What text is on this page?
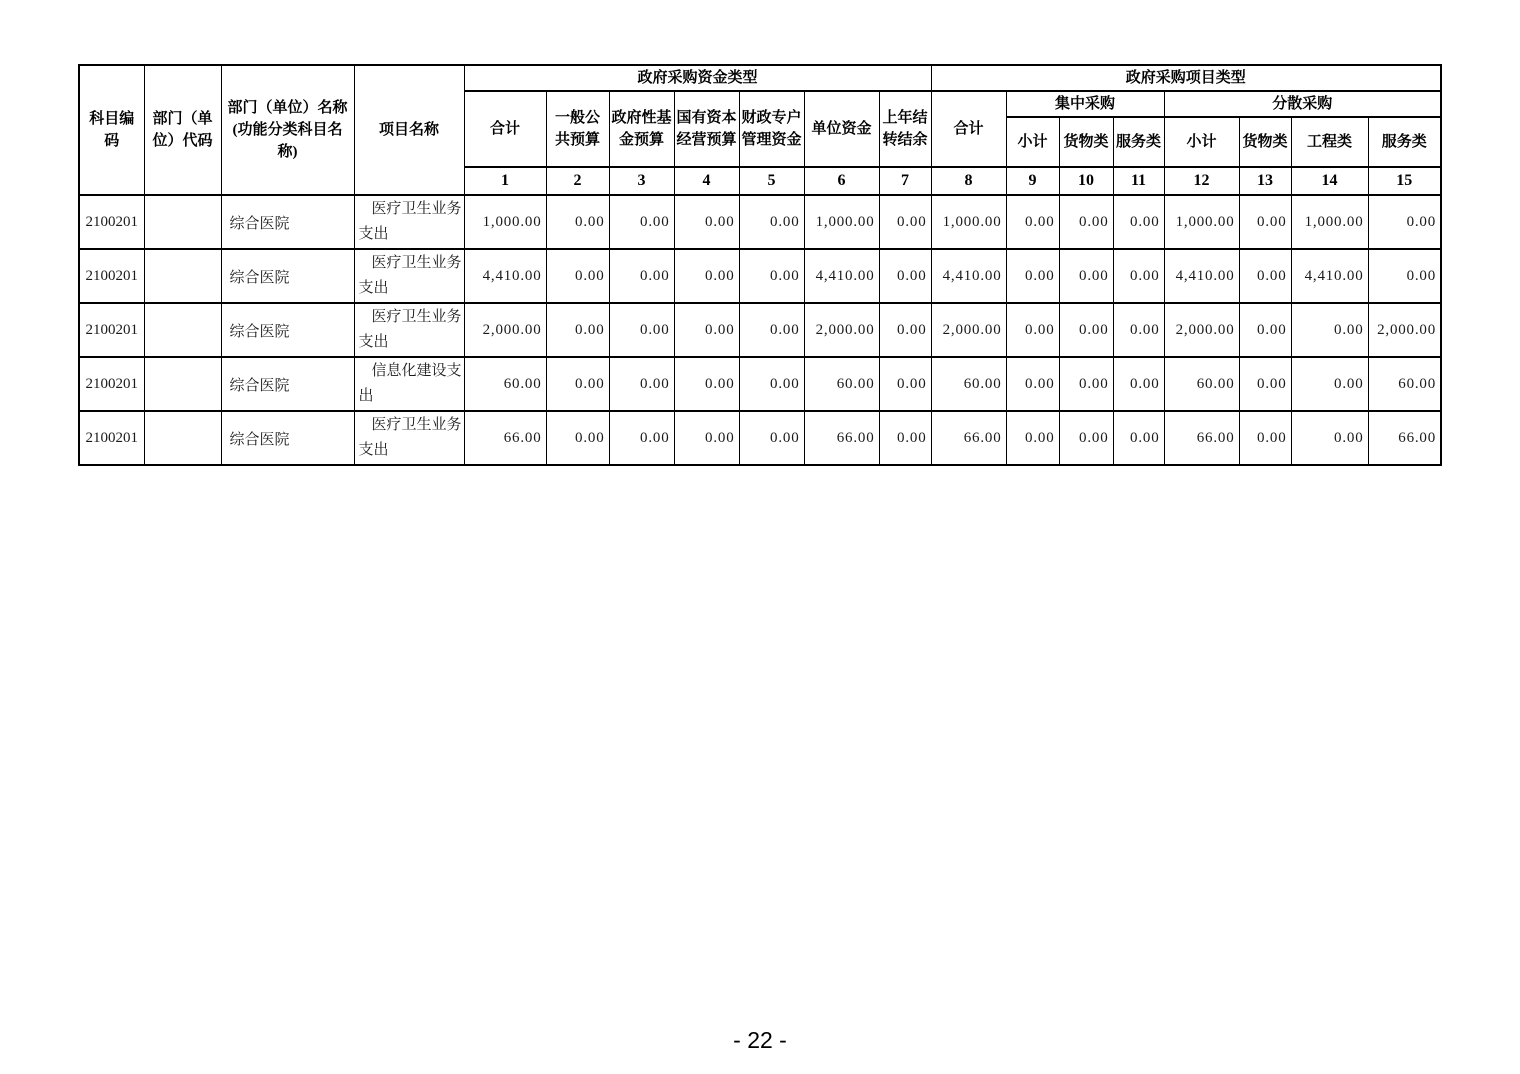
科目编码	部门（单位）代码	部门（单位）名称(功能分类科目名称)	项目名称	政府采购资金类型							政府采购项目类型							
				合计	一般公共预算	政府性基金预算	国有资本经营预算	财政专户管理资金	单位资金	上年结转结余	合计	集中采购			分散采购			
												小计	货物类	服务类	小计	货物类	工程类	服务类
				1	2	3	4	5	6	7	8	9	10	11	12	13	14	15
2100201		综合医院	医疗卫生业务支出	1,000.00	0.00	0.00	0.00	0.00	1,000.00	0.00	1,000.00	0.00	0.00	0.00	1,000.00	0.00	1,000.00	0.00
2100201		综合医院	医疗卫生业务支出	4,410.00	0.00	0.00	0.00	0.00	4,410.00	0.00	4,410.00	0.00	0.00	0.00	4,410.00	0.00	4,410.00	0.00
2100201		综合医院	医疗卫生业务支出	2,000.00	0.00	0.00	0.00	0.00	2,000.00	0.00	2,000.00	0.00	0.00	0.00	2,000.00	0.00	0.00	2,000.00
2100201		综合医院	信息化建设支出	60.00	0.00	0.00	0.00	0.00	60.00	0.00	60.00	0.00	0.00	0.00	60.00	0.00	0.00	60.00
2100201		综合医院	医疗卫生业务支出	66.00	0.00	0.00	0.00	0.00	66.00	0.00	66.00	0.00	0.00	0.00	66.00	0.00	0.00	66.00
- 22 -
